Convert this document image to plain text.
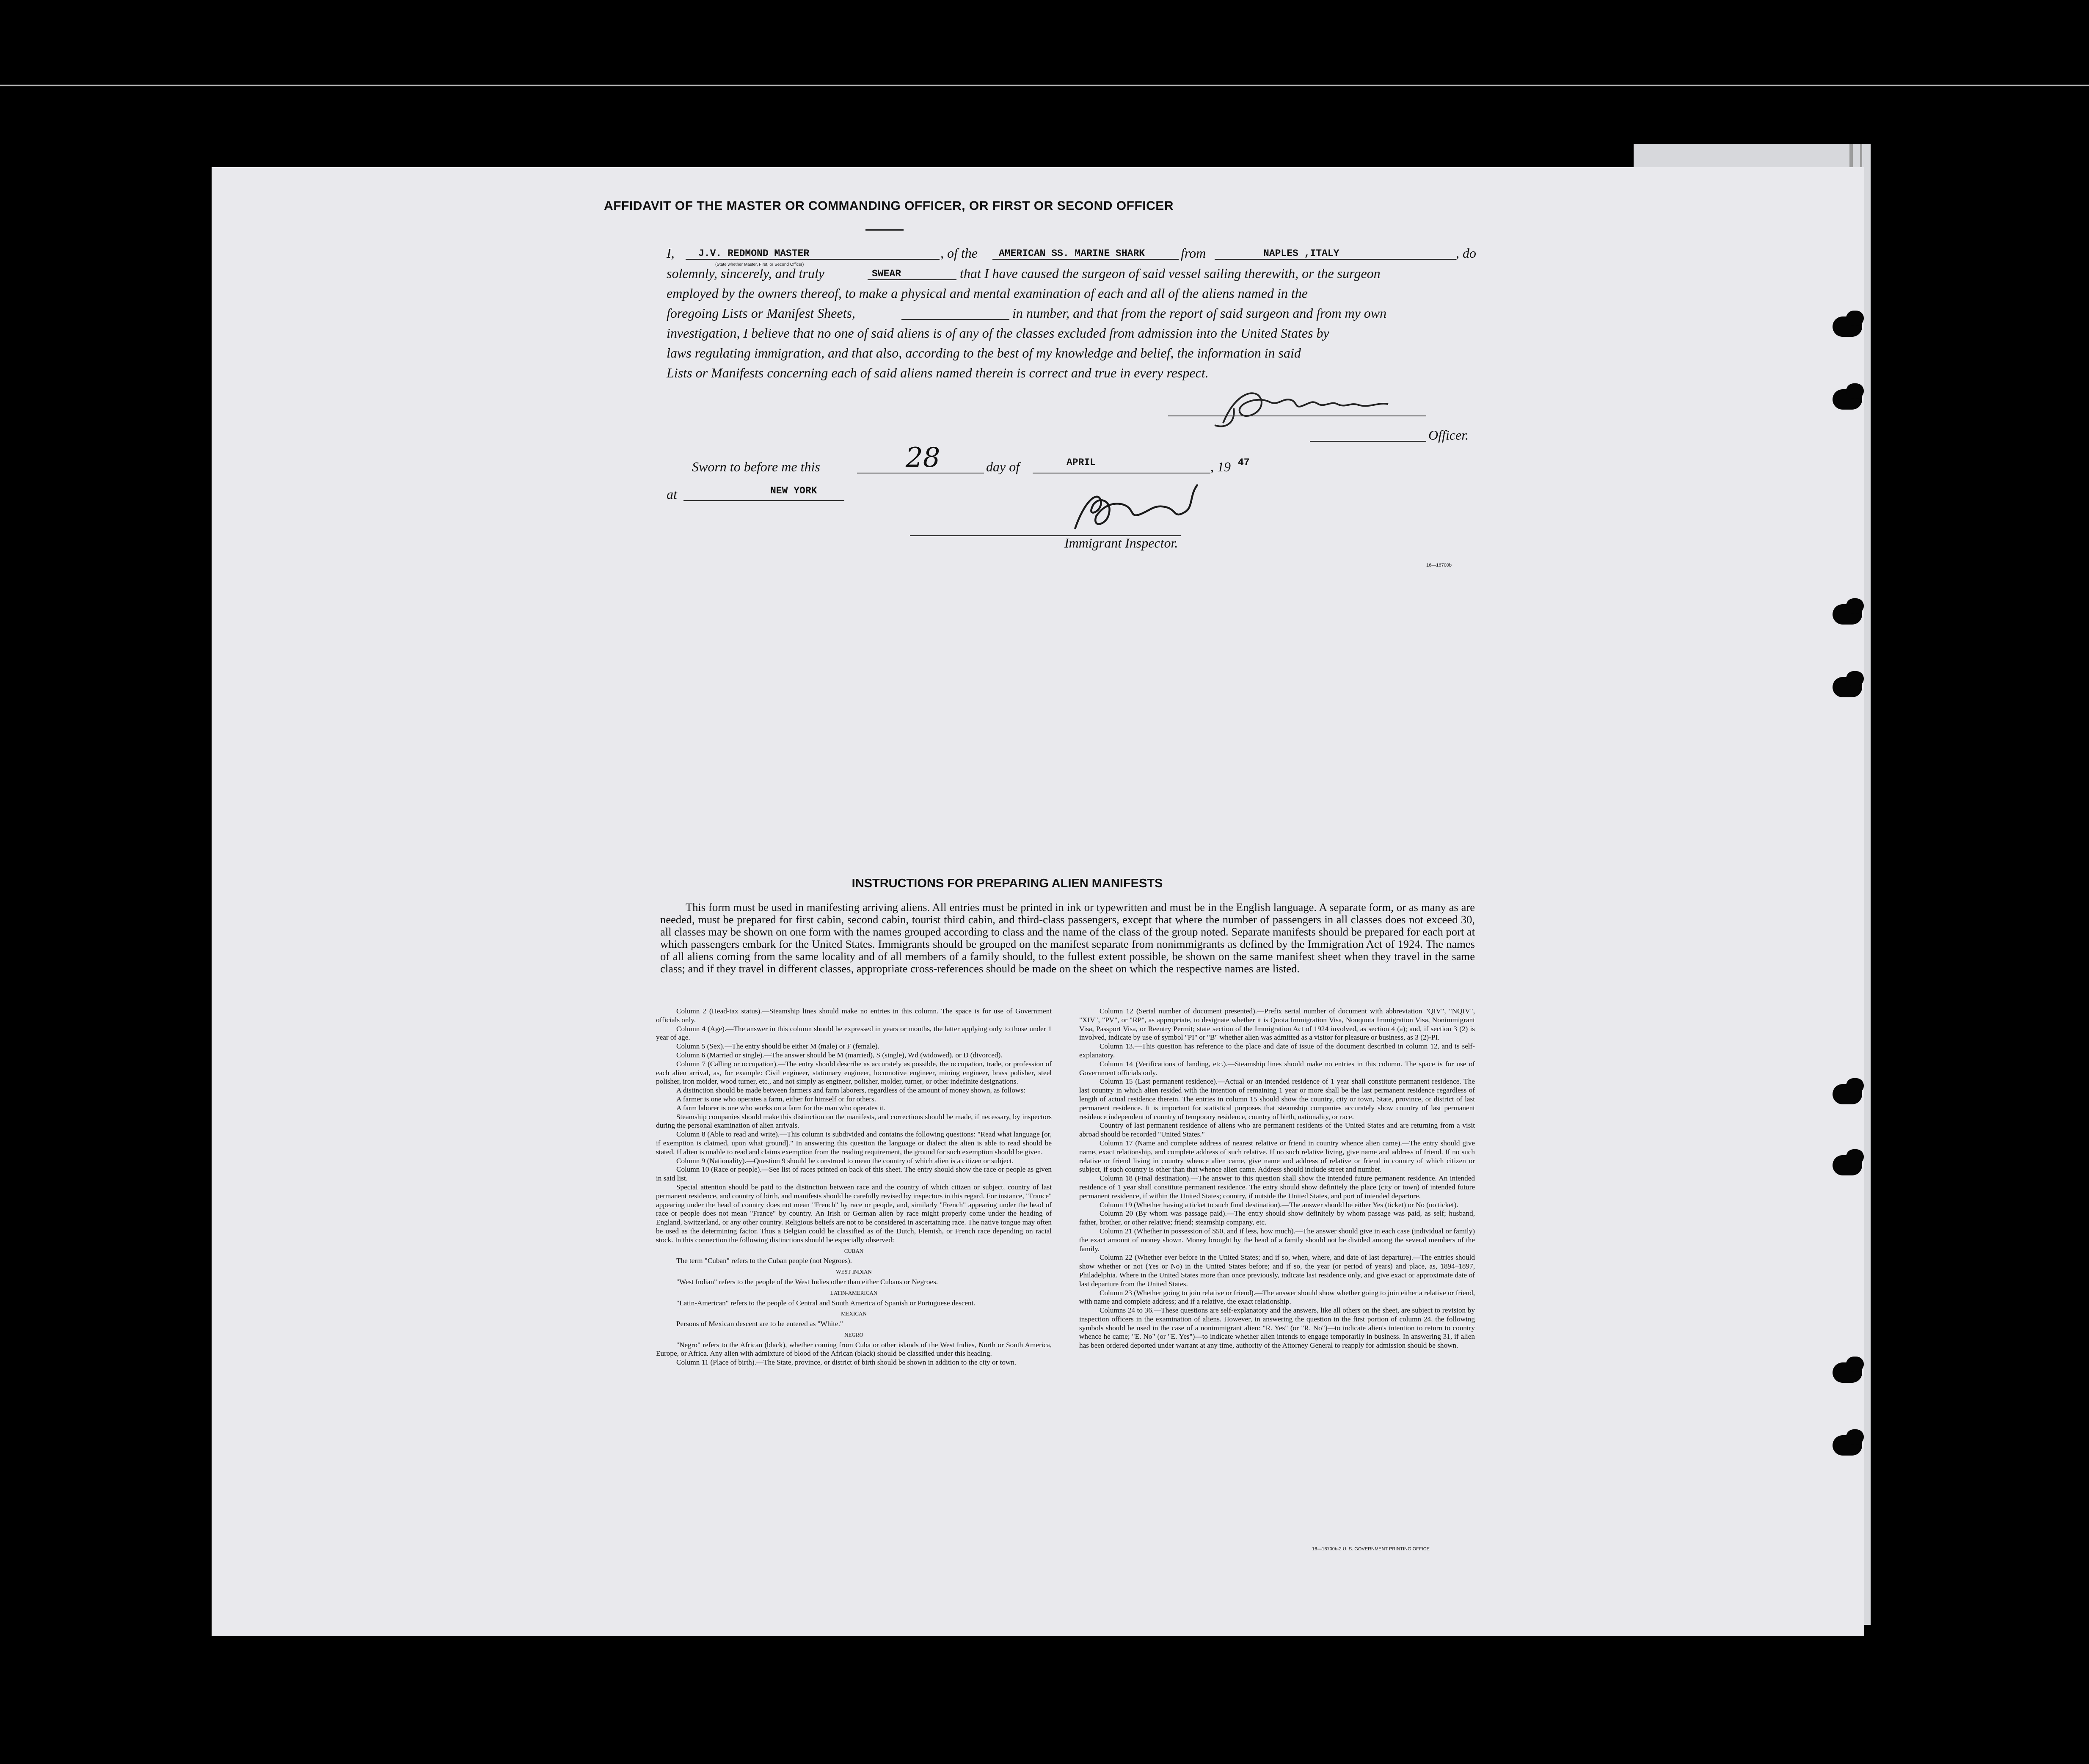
AFFIDAVIT OF THE MASTER OR COMMANDING OFFICER, OR FIRST OR SECOND OFFICER
I, J.V. REDMOND MASTER
(State whether Master, First, or Second Officer)
, of the AMERICAN SS. MARINE SHARK	from	NAPLES ,ITALY	, do
solemnly, sincerely, and truly	SWEAR	that I have caused the surgeon of said vessel sailing therewith, or the surgeon
employed by the owners thereof, to make a physical and mental examination of each and all of the aliens named in the
foregoing Lists or Manifest Sheets,	in number, and that from the report of said surgeon and from my own
investigation, I believe that no one of said aliens is of any of the classes excluded from admission into the United States by
laws regulating immigration, and that also, according to the best of my knowledge and belief, the information in said
Lists or Manifests concerning each of said aliens named therein is correct and true in every respect.
J.V.Redmond
Officer.
Sworn to before me this	28	day of	APRIL	, 19 47
at	NEW YORK
AJurek
Immigrant Inspector.
16—16700b
INSTRUCTIONS FOR PREPARING ALIEN MANIFESTS

This form must be used in manifesting arriving aliens. All entries must be printed in ink or typewritten and must be in the English language. A separate form, or as many as are needed, must be prepared for first cabin, second cabin, tourist third cabin, and third-class passengers, except that where the number of passengers in all classes does not exceed 30, all classes may be shown on one form with the names grouped according to class and the name of the class of the group noted. Separate manifests should be prepared for each port at which passengers embark for the United States. Immigrants should be grouped on the manifest separate from nonimmigrants as defined by the Immigration Act of 1924. The names of all aliens coming from the same locality and of all members of a family should, to the fullest extent possible, be shown on the same manifest sheet when they travel in the same class; and if they travel in different classes, appropriate cross-references should be made on the sheet on which the respective names are listed.

Column 2 (Head-tax status).—Steamship lines should make no entries in this column. The space is for use of Government officials only.

Column 4 (Age).—The answer in this column should be expressed in years or months, the latter applying only to those under 1 year of age.

Column 5 (Sex).—The entry should be either M (male) or F (female).

Column 6 (Married or single).—The answer should be M (married), S (single), Wd (widowed), or D (divorced).

Column 7 (Calling or occupation).—The entry should describe as accurately as possible, the occupation, trade, or profession of each alien arrival, as, for example: Civil engineer, stationary engineer, locomotive engineer, mining engineer, brass polisher, steel polisher, iron molder, wood turner, etc., and not simply as engineer, polisher, molder, turner, or other indefinite designations.

A distinction should be made between farmers and farm laborers, regardless of the amount of money shown, as follows:

A farmer is one who operates a farm, either for himself or for others.

A farm laborer is one who works on a farm for the man who operates it.

Steamship companies should make this distinction on the manifests, and corrections should be made, if necessary, by inspectors during the personal examination of alien arrivals.

Column 8 (Able to read and write).—This column is subdivided and contains the following questions: "Read what language [or, if exemption is claimed, upon what ground]." In answering this question the language or dialect the alien is able to read should be stated. If alien is unable to read and claims exemption from the reading requirement, the ground for such exemption should be given.

Column 9 (Nationality).—Question 9 should be construed to mean the country of which alien is a citizen or subject.

Column 10 (Race or people).—See list of races printed on back of this sheet. The entry should show the race or people as given in said list.

Special attention should be paid to the distinction between race and the country of which citizen or subject, country of last permanent residence, and country of birth, and manifests should be carefully revised by inspectors in this regard. For instance, "France" appearing under the head of country does not mean "French" by race or people, and, similarly "French" appearing under the head of race or people does not mean "France" by country. An Irish or German alien by race might properly come under the heading of England, Switzerland, or any other country. Religious beliefs are not to be considered in ascertaining race. The native tongue may often be used as the determining factor. Thus a Belgian could be classified as of the Dutch, Flemish, or French race depending on racial stock. In this connection the following distinctions should be especially observed:

CUBAN

The term "Cuban" refers to the Cuban people (not Negroes).

WEST INDIAN

"West Indian" refers to the people of the West Indies other than either Cubans or Negroes.

LATIN-AMERICAN

"Latin-American" refers to the people of Central and South America of Spanish or Portuguese descent.

MEXICAN

Persons of Mexican descent are to be entered as "White."

NEGRO

"Negro" refers to the African (black), whether coming from Cuba or other islands of the West Indies, North or South America, Europe, or Africa. Any alien with admixture of blood of the African (black) should be classified under this heading.

Column 11 (Place of birth).—The State, province, or district of birth should be shown in addition to the city or town.

Column 12 (Serial number of document presented).—Prefix serial number of document with abbreviation "QIV", "NQIV", "XIV", "PV", or "RP", as appropriate, to designate whether it is Quota Immigration Visa, Nonquota Immigration Visa, Nonimmigrant Visa, Passport Visa, or Reentry Permit; state section of the Immigration Act of 1924 involved, as section 4 (a); and, if section 3 (2) is involved, indicate by use of symbol "PI" or "B" whether alien was admitted as a visitor for pleasure or business, as 3 (2)-PI.

Column 13.—This question has reference to the place and date of issue of the document described in column 12, and is self-explanatory.

Column 14 (Verifications of landing, etc.).—Steamship lines should make no entries in this column. The space is for use of Government officials only.

Column 15 (Last permanent residence).—Actual or an intended residence of 1 year shall constitute permanent residence. The last country in which alien resided with the intention of remaining 1 year or more shall be the last permanent residence regardless of length of actual residence therein. The entries in column 15 should show the country, city or town, State, province, or district of last permanent residence. It is important for statistical purposes that steamship companies accurately show country of last permanent residence independent of country of temporary residence, country of birth, nationality, or race.

Country of last permanent residence of aliens who are permanent residents of the United States and are returning from a visit abroad should be recorded "United States."

Column 17 (Name and complete address of nearest relative or friend in country whence alien came).—The entry should give name, exact relationship, and complete address of such relative. If no such relative living, give name and address of friend. If no such relative or friend living in country whence alien came, give name and address of relative or friend in country of which citizen or subject, if such country is other than that whence alien came. Address should include street and number.

Column 18 (Final destination).—The answer to this question shall show the intended future permanent residence. An intended residence of 1 year shall constitute permanent residence. The entry should show definitely the place (city or town) of intended future permanent residence, if within the United States; country, if outside the United States, and port of intended departure.

Column 19 (Whether having a ticket to such final destination).—The answer should be either Yes (ticket) or No (no ticket).

Column 20 (By whom was passage paid).—The entry should show definitely by whom passage was paid, as self; husband, father, brother, or other relative; friend; steamship company, etc.

Column 21 (Whether in possession of $50, and if less, how much).—The answer should give in each case (individual or family) the exact amount of money shown. Money brought by the head of a family should not be divided among the several members of the family.

Column 22 (Whether ever before in the United States; and if so, when, where, and date of last departure).—The entries should show whether or not (Yes or No) in the United States before; and if so, the year (or period of years) and place, as, 1894–1897, Philadelphia. Where in the United States more than once previously, indicate last residence only, and give exact or approximate date of last departure from the United States.

Column 23 (Whether going to join relative or friend).—The answer should show whether going to join either a relative or friend, with name and complete address; and if a relative, the exact relationship.

Columns 24 to 36.—These questions are self-explanatory and the answers, like all others on the sheet, are subject to revision by inspection officers in the examination of aliens. However, in answering the question in the first portion of column 24, the following symbols should be used in the case of a nonimmigrant alien: "R. Yes" (or "R. No")—to indicate alien's intention to return to country whence he came; "E. No" (or "E. Yes")—to indicate whether alien intends to engage temporarily in business. In answering 31, if alien has been ordered deported under warrant at any time, authority of the Attorney General to reapply for admission should be shown.

16—16700b-2 U. S. GOVERNMENT PRINTING OFFICE
